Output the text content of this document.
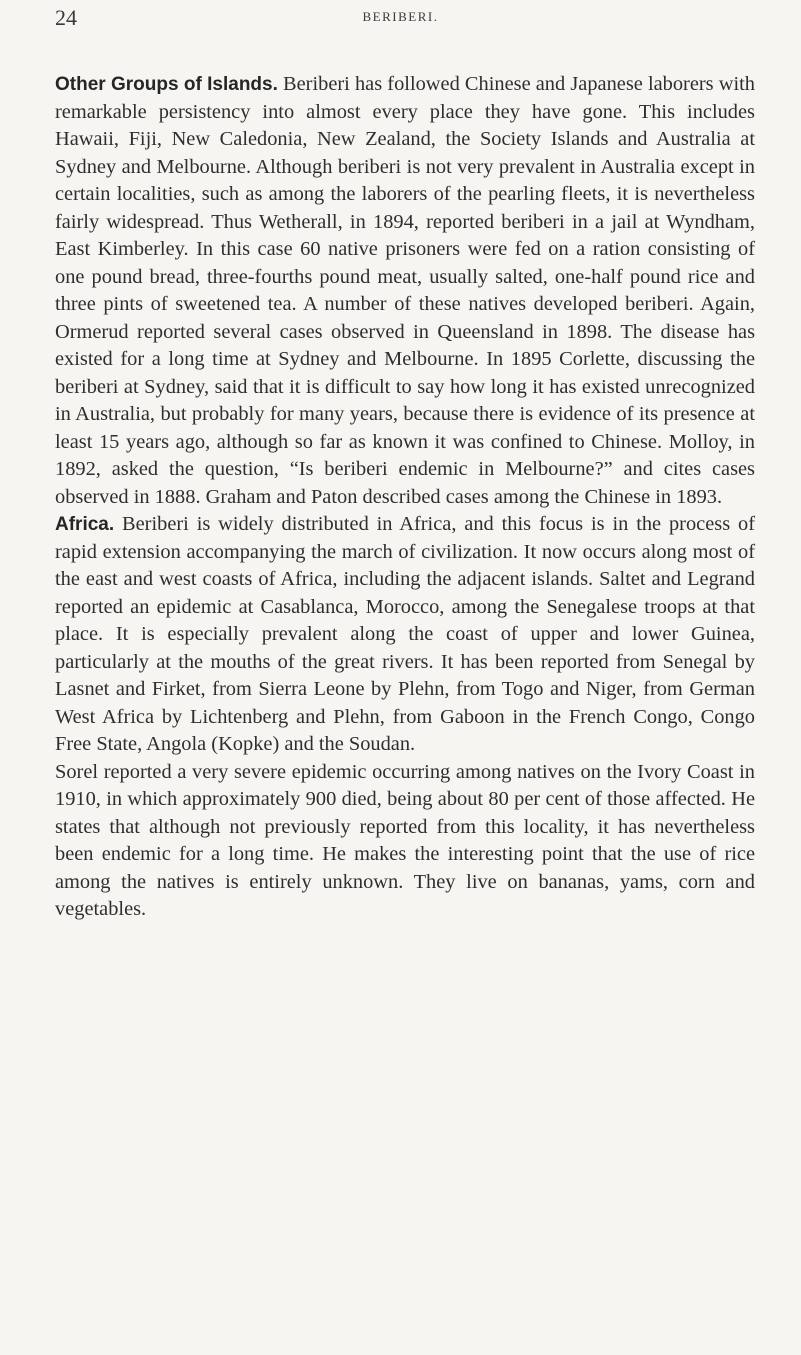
24	BERIBERI.

Other Groups of Islands. Beriberi has followed Chinese and Japanese laborers with remarkable persistency into almost every place they have gone. This includes Hawaii, Fiji, New Caledonia, New Zealand, the Society Islands and Australia at Sydney and Melbourne. Although beriberi is not very prevalent in Australia except in certain localities, such as among the laborers of the pearling fleets, it is nevertheless fairly widespread. Thus Wetherall, in 1894, reported beriberi in a jail at Wyndham, East Kimberley. In this case 60 native prisoners were fed on a ration consisting of one pound bread, three-fourths pound meat, usually salted, one-half pound rice and three pints of sweetened tea. A number of these natives developed beriberi. Again, Ormerud reported several cases observed in Queensland in 1898. The disease has existed for a long time at Sydney and Melbourne. In 1895 Corlette, discussing the beriberi at Sydney, said that it is difficult to say how long it has existed unrecognized in Australia, but probably for many years, because there is evidence of its presence at least 15 years ago, although so far as known it was confined to Chinese. Molloy, in 1892, asked the question, “Is beriberi endemic in Melbourne?” and cites cases observed in 1888. Graham and Paton described cases among the Chinese in 1893.

Africa. Beriberi is widely distributed in Africa, and this focus is in the process of rapid extension accompanying the march of civilization. It now occurs along most of the east and west coasts of Africa, including the adjacent islands. Saltet and Legrand reported an epidemic at Casablanca, Morocco, among the Senegalese troops at that place. It is especially prevalent along the coast of upper and lower Guinea, particularly at the mouths of the great rivers. It has been reported from Senegal by Lasnet and Firket, from Sierra Leone by Plehn, from Togo and Niger, from German West Africa by Lichtenberg and Plehn, from Gaboon in the French Congo, Congo Free State, Angola (Kopke) and the Soudan.

Sorel reported a very severe epidemic occurring among natives on the Ivory Coast in 1910, in which approximately 900 died, being about 80 per cent of those affected. He states that although not previously reported from this locality, it has nevertheless been endemic for a long time. He makes the interesting point that the use of rice among the natives is entirely unknown. They live on bananas, yams, corn and vegetables.
